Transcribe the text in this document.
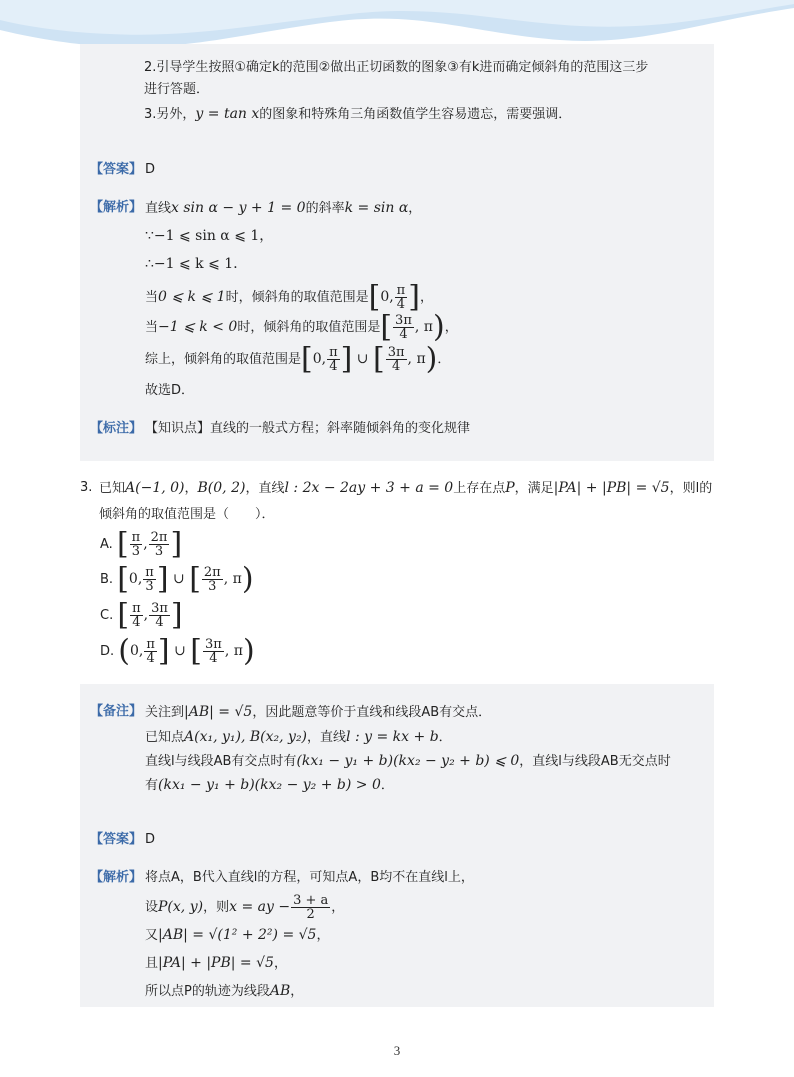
2.引导学生按照①确定k的范围②做出正切函数的图象③有k进而确定倾斜角的范围这三步
进行答题．
3.另外，y = tan x的图象和特殊角三角函数值学生容易遗忘，需要强调．
【答案】 D
【解析】 直线x sin α − y + 1 = 0的斜率k = sin α，
∵−1 ⩽ sin α ⩽ 1，
∴−1 ⩽ k ⩽ 1．
当0 ⩽ k ⩽ 1时，倾斜角的取值范围是[0, $\frac{\pi}{4}$ ]，
当−1 ⩽ k < 0时，倾斜角的取值范围是[ $\frac{3\pi}{4}$ , π)，
综上，倾斜角的取值范围是[0, $\frac{\pi}{4}$ ] ∪ [ $\frac{3\pi}{4}$ , π)．
故选D．
【标注】 【知识点】直线的一般式方程；斜率随倾斜角的变化规律
3. 已知A(−1, 0)，B(0, 2)，直线l : 2x − 2ay + 3 + a = 0上存在点P，满足|PA| + |PB| = √5，则l的
倾斜角的取值范围是（　　）．
A. [ $\frac{\pi}{3}$ , $\frac{2\pi}{3}$ ]
B. [0, $\frac{\pi}{3}$ ] ∪ [ $\frac{2\pi}{3}$ , π)
C. [ $\frac{\pi}{4}$ , $\frac{3\pi}{4}$ ]
D. (0, $\frac{\pi}{4}$ ] ∪ [ $\frac{3\pi}{4}$ , π)
【备注】 关注到|AB| = √5，因此题意等价于直线和线段AB有交点．
已知点A(x₁, y₁), B(x₂, y₂)，直线l : y = kx + b．
直线l与线段AB有交点时有(kx₁ − y₁ + b)(kx₂ − y₂ + b) ⩽ 0，直线l与线段AB无交点时
有(kx₁ − y₁ + b)(kx₂ − y₂ + b) > 0．
【答案】 D
【解析】 将点A，B代入直线l的方程，可知点A，B均不在直线l上，
设P(x, y)，则x = ay − $\frac{3 + a}{2}$ ，
又|AB| = √(1² + 2²) = √5，
且|PA| + |PB| = √5，
所以点P的轨迹为线段AB，
3
